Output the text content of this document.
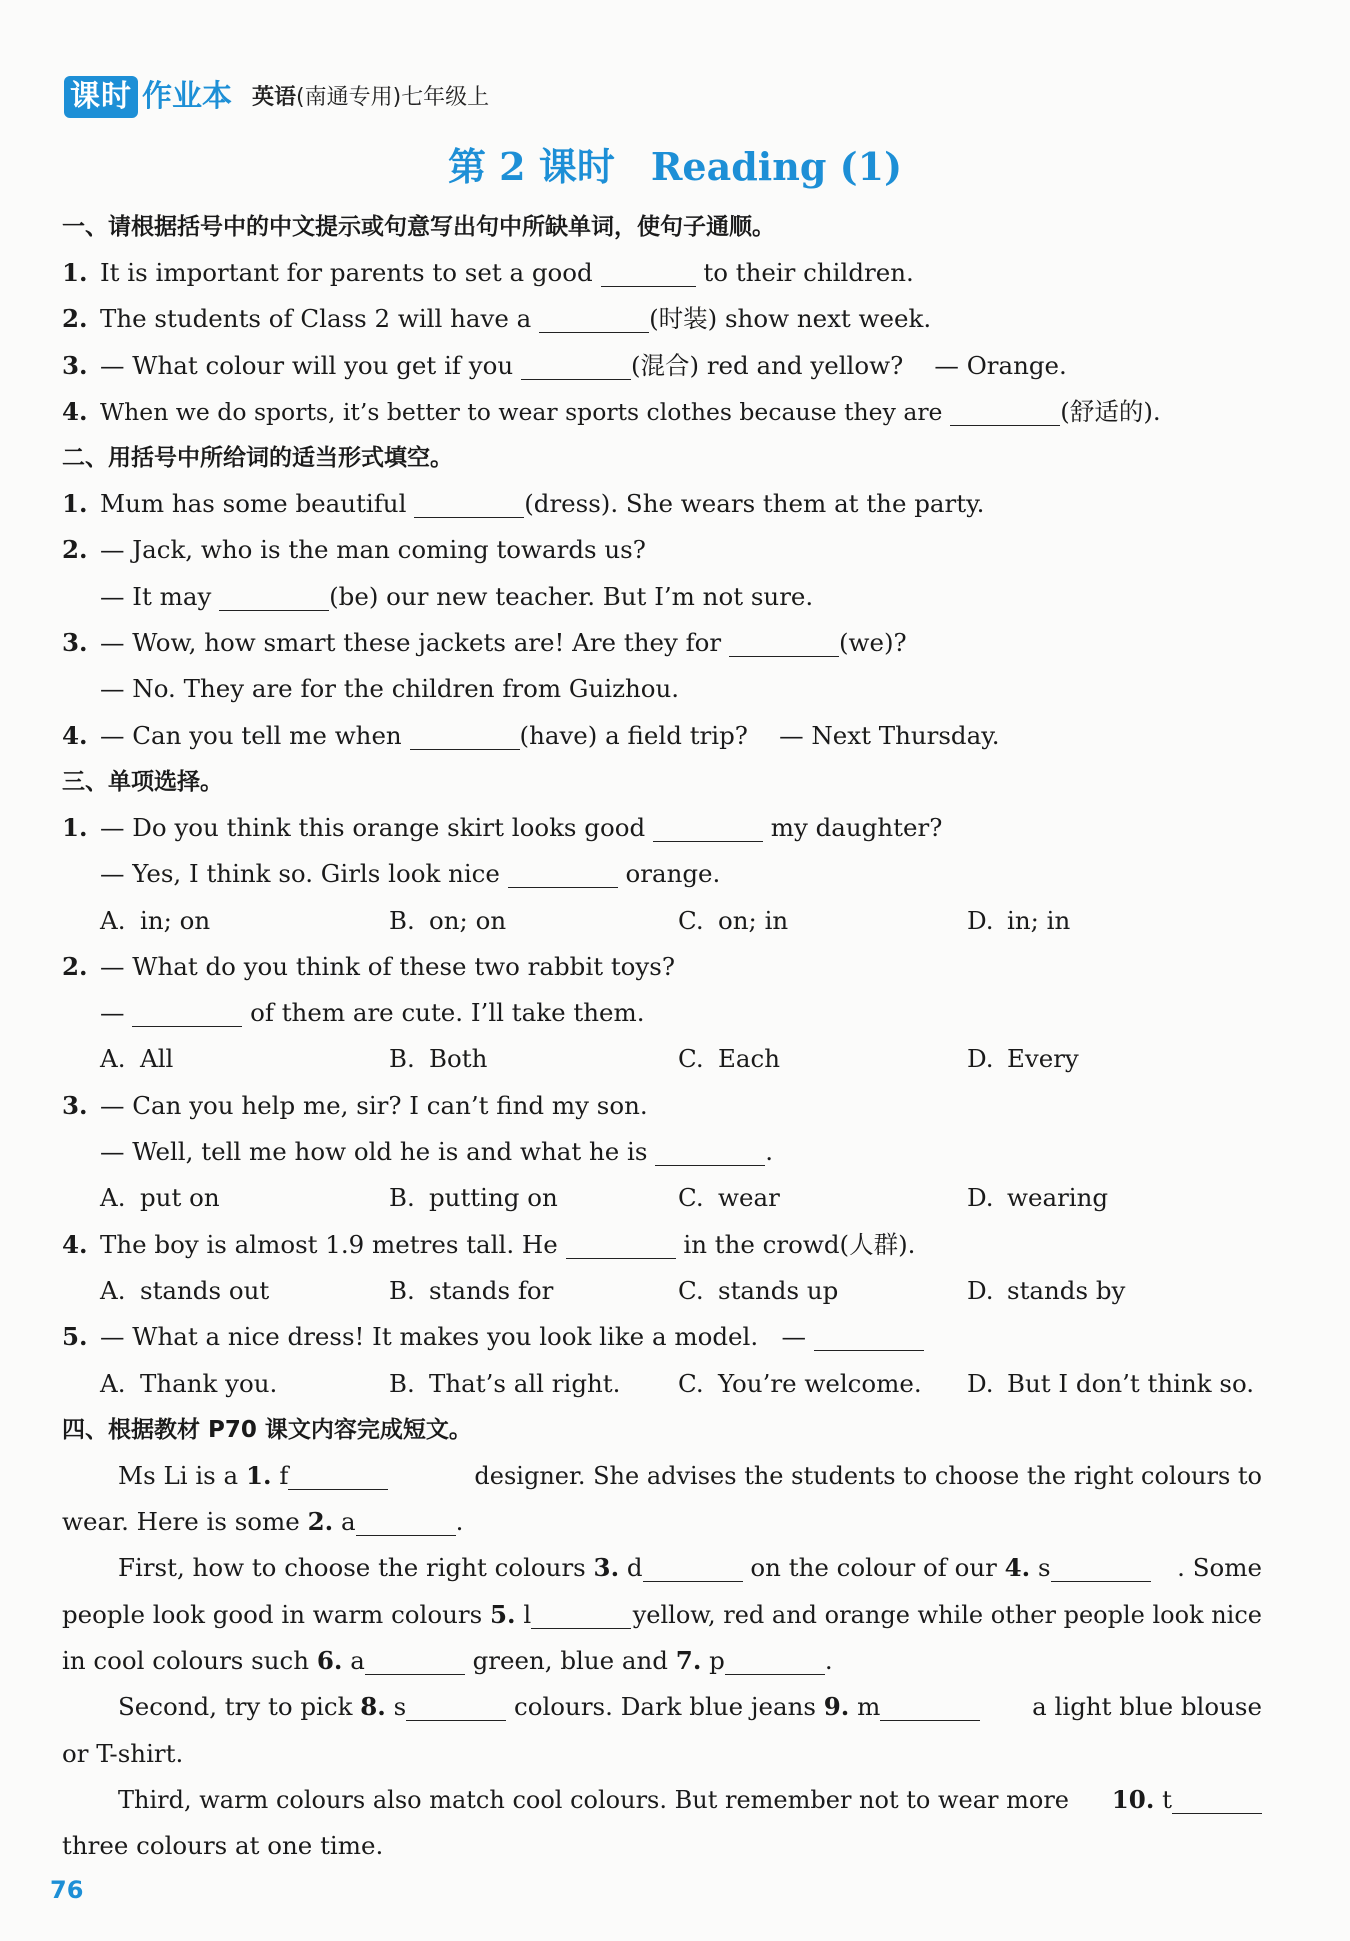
课时 作业本 英语(南通专用)七年级上
第 2 课时 Reading (1)
一、请根据括号中的中文提示或句意写出句中所缺单词，使句子通顺。
1. It is important for parents to set a good	to their children.
2. The students of Class 2 will have a	(时装) show next week.
3. — What colour will you get if you	(混合) red and yellow? — Orange.
4. When we do sports, it’s better to wear sports clothes because they are	(舒适的).
二、用括号中所给词的适当形式填空。
1. Mum has some beautiful	(dress). She wears them at the party.
2. — Jack, who is the man coming towards us?
— It may	(be) our new teacher. But I’m not sure.
3. — Wow, how smart these jackets are! Are they for	(we)?
— No. They are for the children from Guizhou.
4. — Can you tell me when	(have) a field trip? — Next Thursday.
三、单项选择。
1. — Do you think this orange skirt looks good	my daughter?
— Yes, I think so. Girls look nice	orange.
A. in; on	B. on; on	C. on; in	D. in; in
2. — What do you think of these two rabbit toys?
—	of them are cute. I’ll take them.
A. All	B. Both	C. Each	D. Every
3. — Can you help me, sir? I can’t find my son.
— Well, tell me how old he is and what he is	.
A. put on	B. putting on	C. wear	D. wearing
4. The boy is almost 1.9 metres tall. He	in the crowd(人群).
A. stands out	B. stands for	C. stands up	D. stands by
5. — What a nice dress! It makes you look like a model. —
A. Thank you.	B. That’s all right.	C. You’re welcome.	D. But I don’t think so.
四、根据教材 P70 课文内容完成短文。
Ms Li is a 1. f	designer. She advises the students to choose the right colours to
wear. Here is some 2. a	.
First, how to choose the right colours 3. d	on the colour of our 4. s	. Some
people look good in warm colours 5. l	yellow, red and orange while other people look nice
in cool colours such 6. a	green, blue and 7. p	.
Second, try to pick 8. s	colours. Dark blue jeans 9. m	a light blue blouse
or T-shirt.
Third, warm colours also match cool colours. But remember not to wear more 10. t
three colours at one time.
76
